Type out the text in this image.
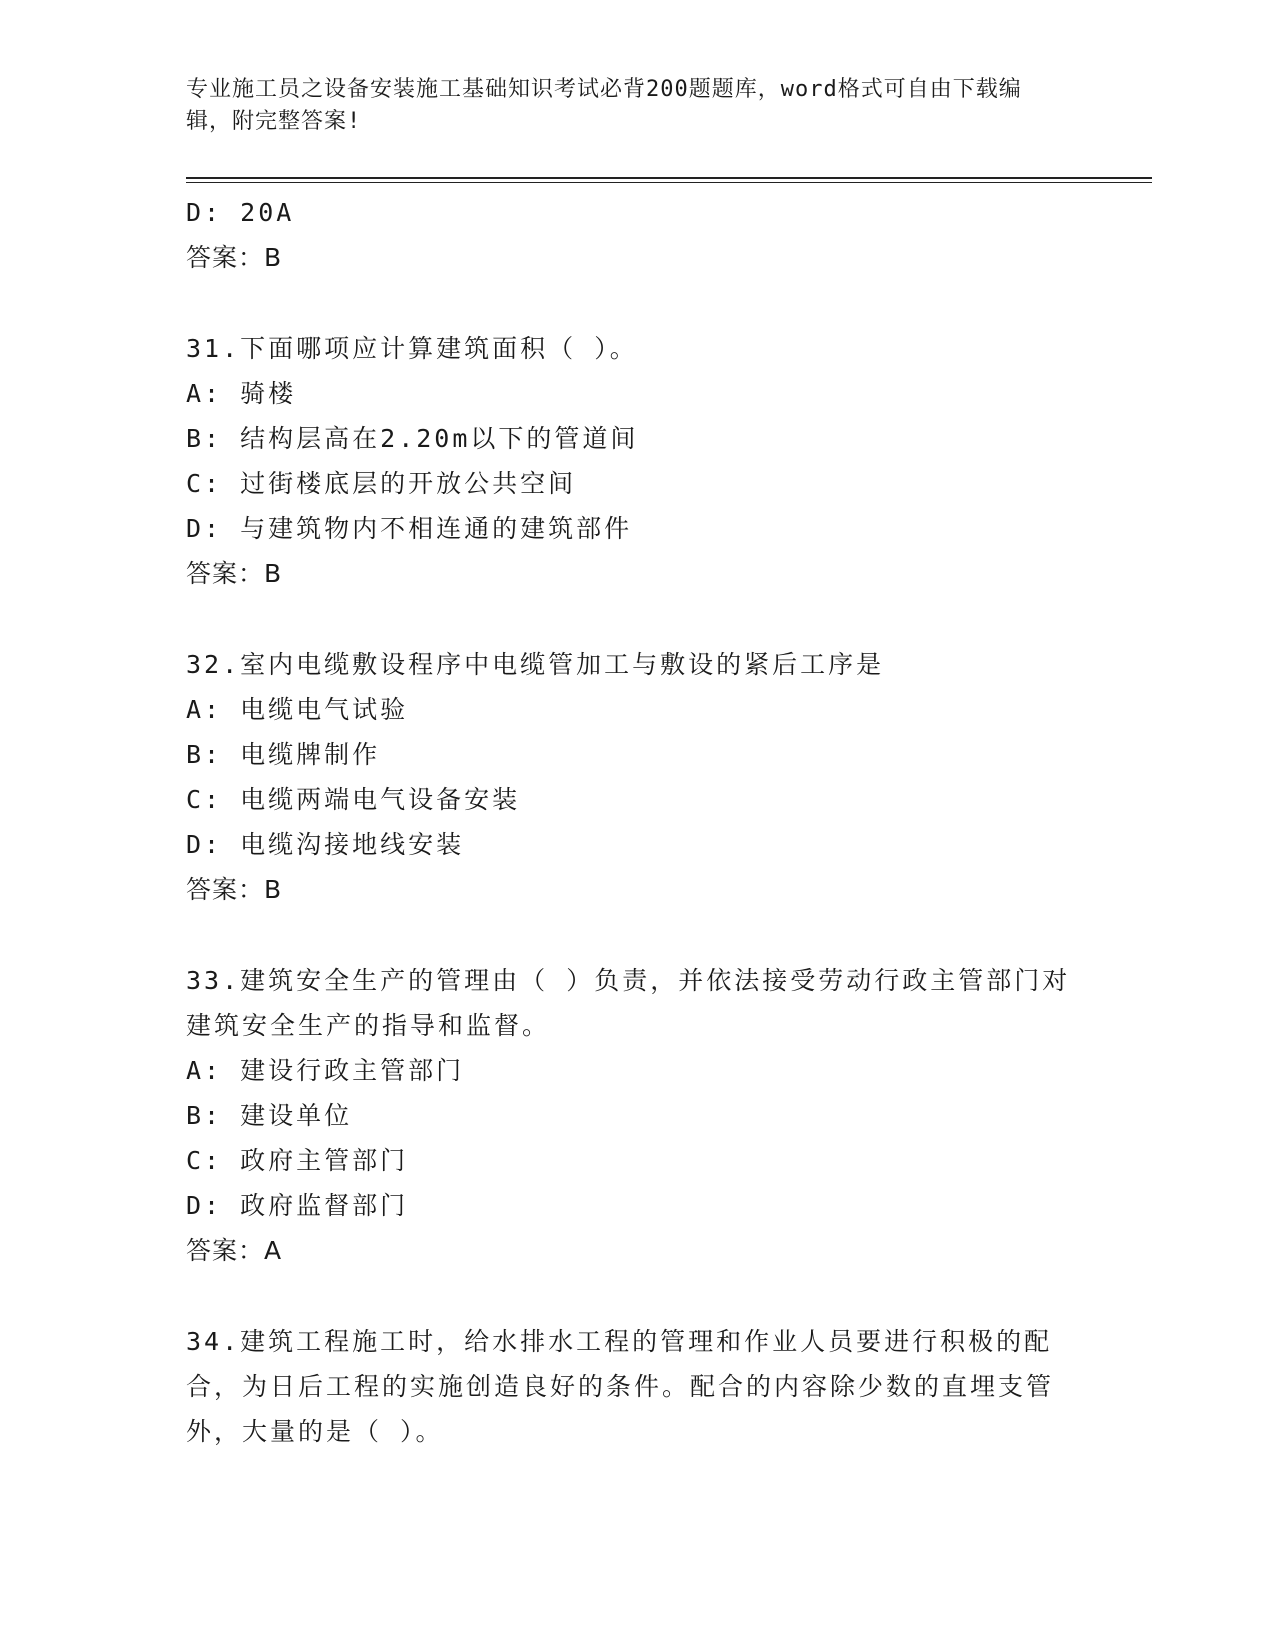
专业施工员之设备安装施工基础知识考试必背200题题库，word格式可自由下载编辑，附完整答案!
D: 20A
答案：B
31.下面哪项应计算建筑面积（ ）。
A: 骑楼
B: 结构层高在2.20m以下的管道间
C: 过街楼底层的开放公共空间
D: 与建筑物内不相连通的建筑部件
答案：B
32.室内电缆敷设程序中电缆管加工与敷设的紧后工序是
A: 电缆电气试验
B: 电缆牌制作
C: 电缆两端电气设备安装
D: 电缆沟接地线安装
答案：B
33.建筑安全生产的管理由（ ）负责，并依法接受劳动行政主管部门对建筑安全生产的指导和监督。
A: 建设行政主管部门
B: 建设单位
C: 政府主管部门
D: 政府监督部门
答案：A
34.建筑工程施工时，给水排水工程的管理和作业人员要进行积极的配合，为日后工程的实施创造良好的条件。配合的内容除少数的直埋支管外，大量的是（ ）。
